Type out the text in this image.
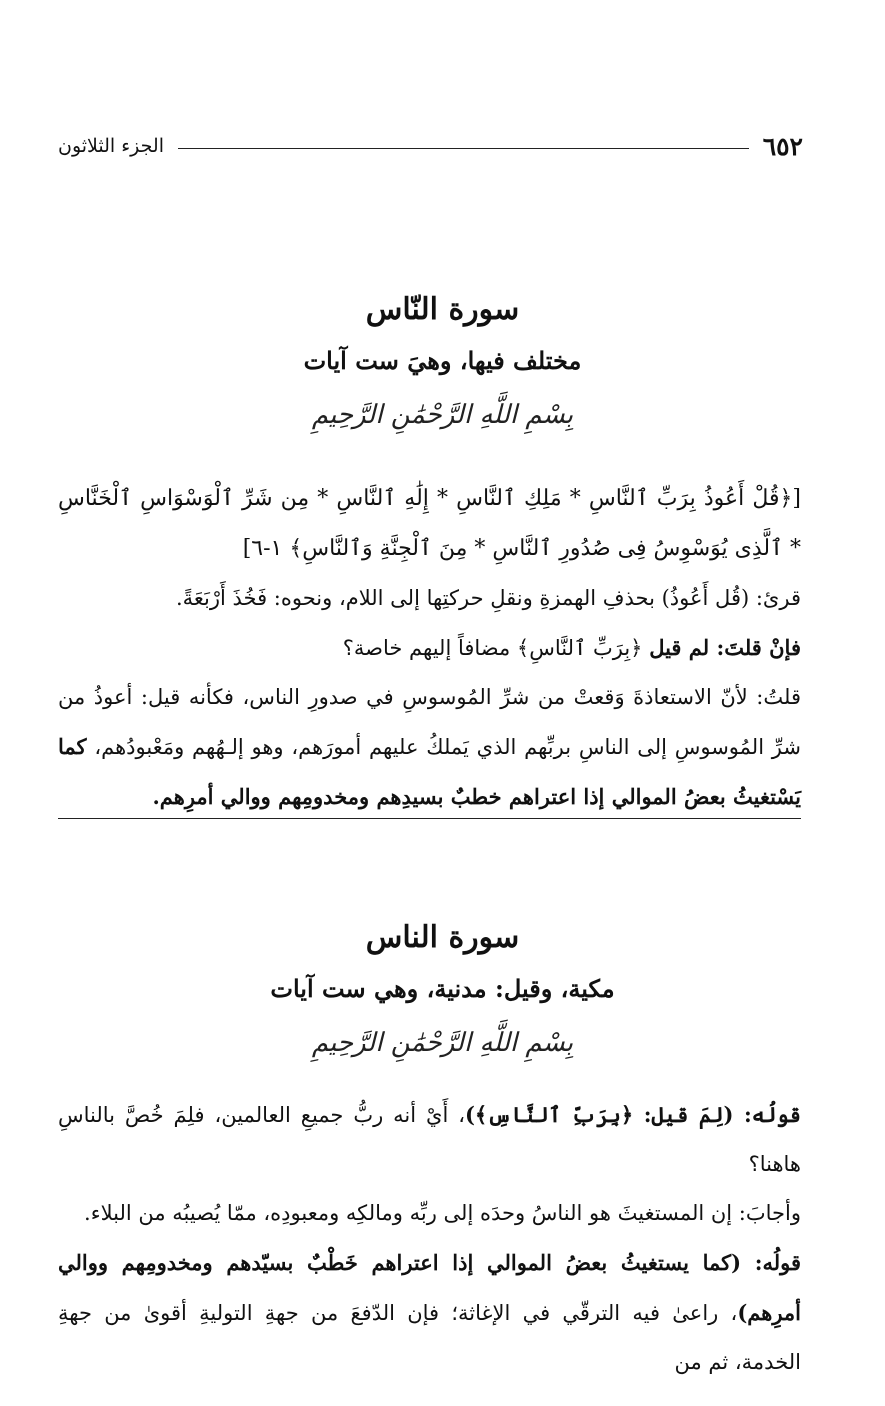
٦٥٢
الجزء الثلاثون
سورة النّاس
مختلف فيها، وهيَ ست آيات
بِسْمِ اللَّهِ الرَّحْمَٰنِ الرَّحِيمِ

[﴿قُلْ أَعُوذُ بِرَبِّ ٱلنَّاسِ * مَلِكِ ٱلنَّاسِ * إِلَٰهِ ٱلنَّاسِ * مِن شَرِّ ٱلْوَسْوَاسِ ٱلْخَنَّاسِ * ٱلَّذِى يُوَسْوِسُ فِى صُدُورِ ٱلنَّاسِ * مِنَ ٱلْجِنَّةِ وَٱلنَّاسِ﴾ ١-٦]

قرئ: (قُل أَعُوذُ) بحذفِ الهمزةِ ونقلِ حركتِها إلى اللام، ونحوه: فَخُذَ أَرْبَعَةً.

فإنْ قلتَ: لم قيل ﴿بِرَبِّ ٱلنَّاسِ﴾ مضافاً إليهم خاصة؟

قلتُ: لأنّ الاستعاذةَ وَقعتْ من شرِّ المُوسوسِ في صدورِ الناس، فكأنه قيل: أعوذُ من شرِّ المُوسوسِ إلى الناسِ بربِّهم الذي يَملكُ عليهم أمورَهم، وهو إلـهُهم ومَعْبودُهم، كما يَسْتغيثُ بعضُ الموالي إذا اعتراهم خطبٌ بسيدِهم ومخدومِهم ووالي أمرِهم.

سورة الناس
مكية، وقيل: مدنية، وهي ست آيات
بِسْمِ اللَّهِ الرَّحْمَٰنِ الرَّحِيمِ

قولُه: (لِمَ قيل: ﴿بِرَبِّ ٱلنَّاسِ﴾)، أَيْ أنه ربُّ جميعِ العالمين، فلِمَ خُصَّ بالناسِ هاهنا؟

وأجابَ: إن المستغيثَ هو الناسُ وحدَه إلى ربِّه ومالكِه ومعبودِه، ممّا يُصيبُه من البلاء.

قولُه: (كما يستغيثُ بعضُ الموالي إذا اعتراهم خَطْبٌ بسيّدهم ومخدومِهم ووالي أمرِهم)، راعىٰ فيه الترقّي في الإغاثة؛ فإن الدّفعَ من جهةِ التوليةِ أقوىٰ من جهةِ الخدمة، ثم من
